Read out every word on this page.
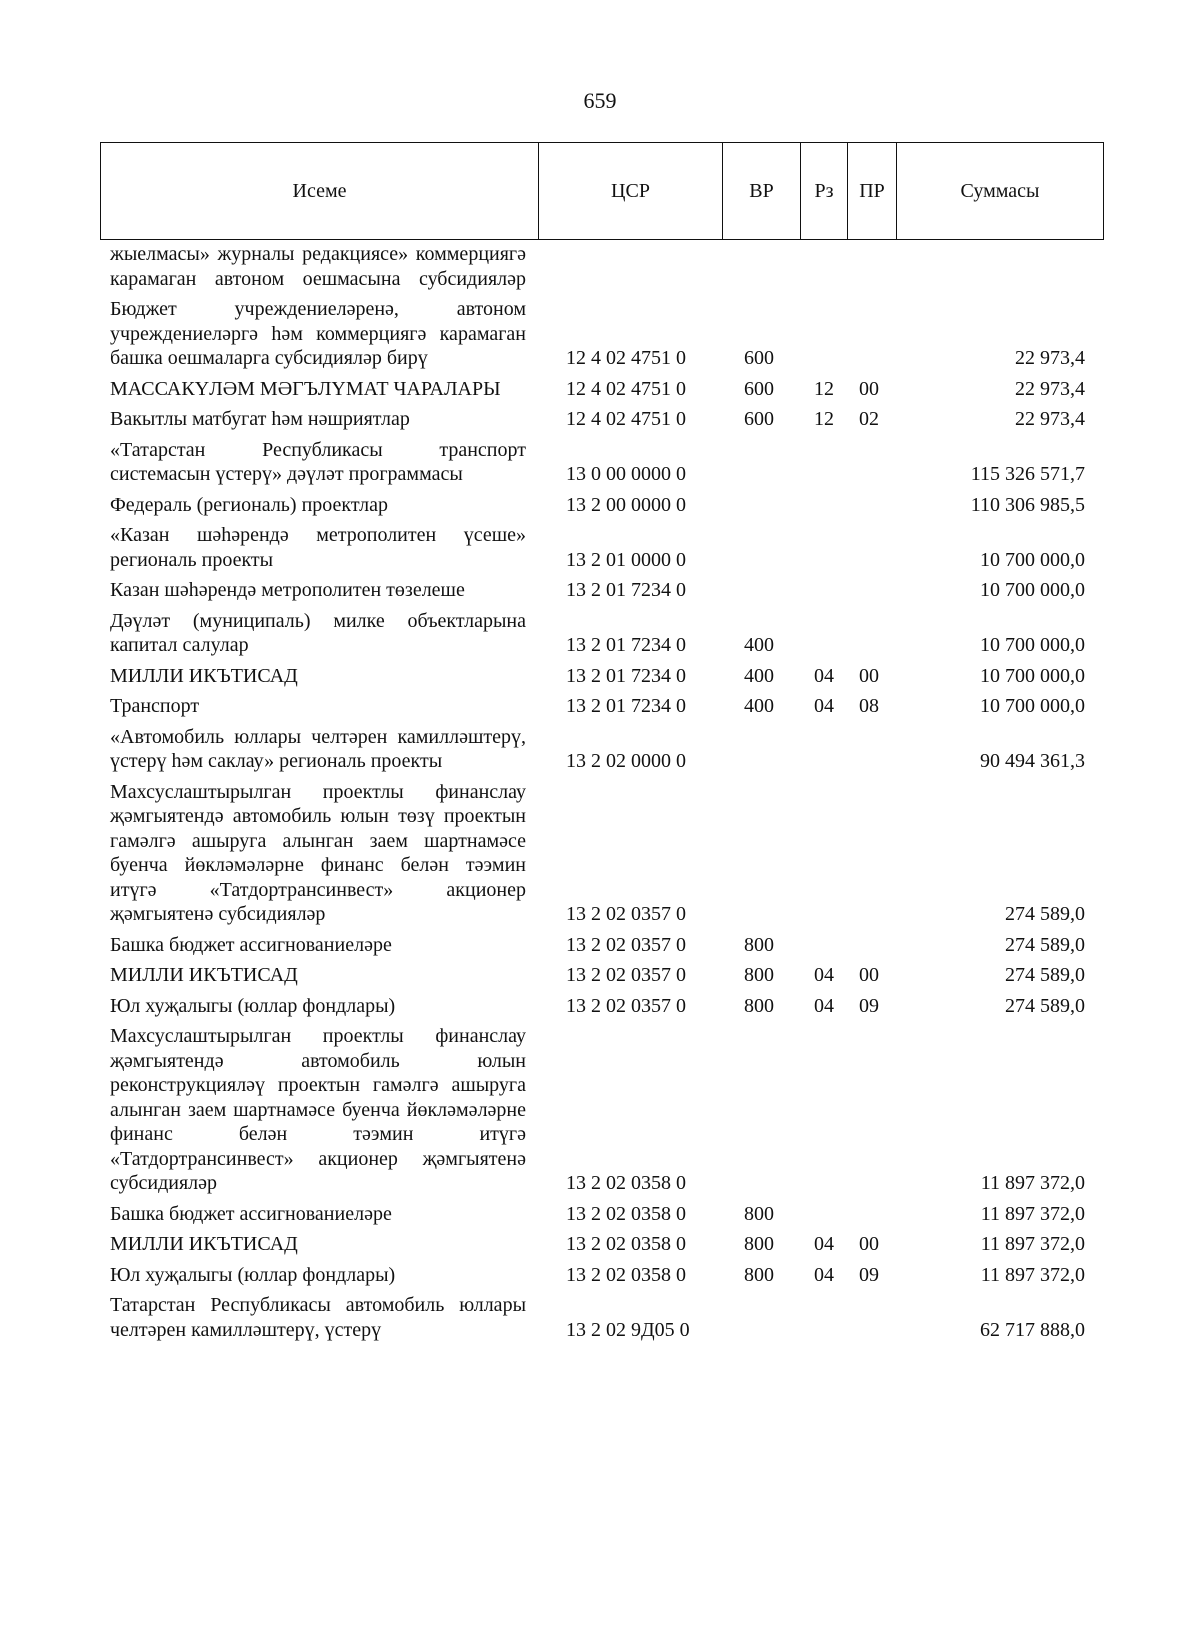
659
Исеме	ЦСР	ВР	Рз	ПР	Суммасы
жыелмасы» журналы редакциясе» коммерциягә карамаган автоном оешмасына субсидияләр					
Бюджет учреждениеләренә, автоном учреждениеләргә һәм коммерциягә карамаган башка оешмаларга субсидияләр бирү	12 4 02 4751 0	600			22 973,4
МАССАКҮЛӘМ МӘГЪЛҮМАТ ЧАРАЛАРЫ	12 4 02 4751 0	600	12	00	22 973,4
Вакытлы матбугат һәм нәшриятлар	12 4 02 4751 0	600	12	02	22 973,4
«Татарстан Республикасы транспорт системасын үстерү» дәүләт программасы	13 0 00 0000 0				115 326 571,7
Федераль (региональ) проектлар	13 2 00 0000 0				110 306 985,5
«Казан шәһәрендә метрополитен үсеше» региональ проекты	13 2 01 0000 0				10 700 000,0
Казан шәһәрендә метрополитен төзелеше	13 2 01 7234 0				10 700 000,0
Дәүләт (муниципаль) милке объектларына капитал салулар	13 2 01 7234 0	400			10 700 000,0
МИЛЛИ ИКЪТИСАД	13 2 01 7234 0	400	04	00	10 700 000,0
Транспорт	13 2 01 7234 0	400	04	08	10 700 000,0
«Автомобиль юллары челтәрен камилләштерү, үстерү һәм саклау» региональ проекты	13 2 02 0000 0				90 494 361,3
Махсуслаштырылган проектлы финанслау җәмгыятендә автомобиль юлын төзү проектын гамәлгә ашыруга алынган заем шартнамәсе буенча йөкләмәләрне финанс белән тәэмин итүгә «Татдортрансинвест» акционер җәмгыятенә субсидияләр	13 2 02 0357 0				274 589,0
Башка бюджет ассигнованиеләре	13 2 02 0357 0	800			274 589,0
МИЛЛИ ИКЪТИСАД	13 2 02 0357 0	800	04	00	274 589,0
Юл хуҗалыгы (юллар фондлары)	13 2 02 0357 0	800	04	09	274 589,0
Махсуслаштырылган проектлы финанслау җәмгыятендә автомобиль юлын реконструкцияләү проектын гамәлгә ашыруга алынган заем шартнамәсе буенча йөкләмәләрне финанс белән тәэмин итүгә «Татдортрансинвест» акционер җәмгыятенә субсидияләр	13 2 02 0358 0				11 897 372,0
Башка бюджет ассигнованиеләре	13 2 02 0358 0	800			11 897 372,0
МИЛЛИ ИКЪТИСАД	13 2 02 0358 0	800	04	00	11 897 372,0
Юл хуҗалыгы (юллар фондлары)	13 2 02 0358 0	800	04	09	11 897 372,0
Татарстан Республикасы автомобиль юллары челтәрен камилләштерү, үстерү	13 2 02 9Д05 0				62 717 888,0
